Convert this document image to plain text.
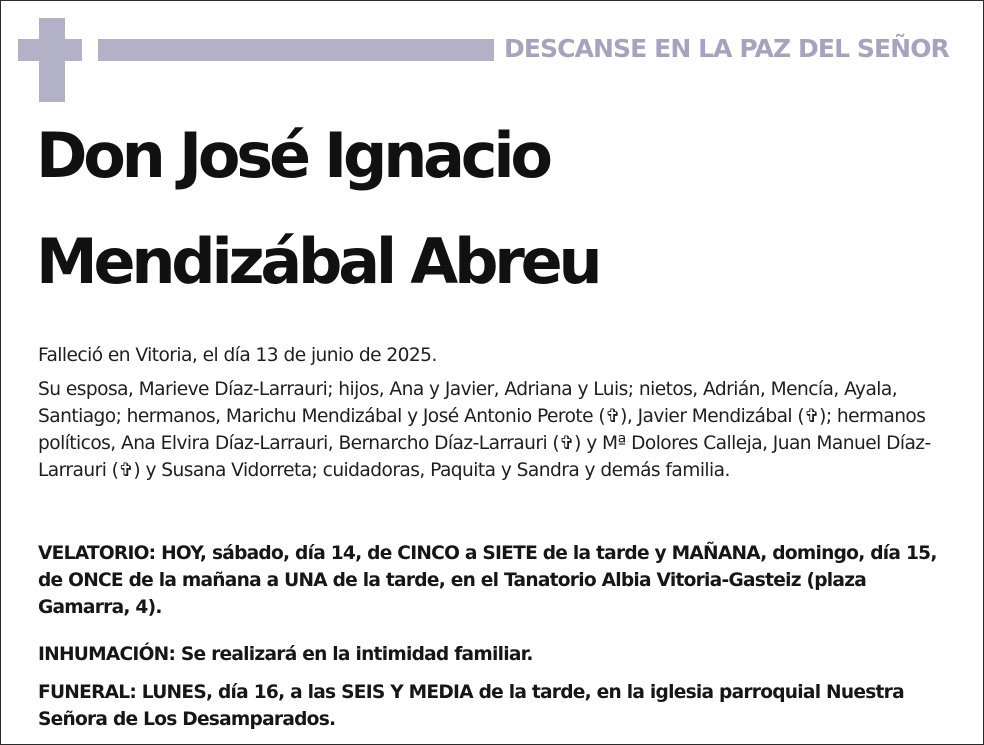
DESCANSE EN LA PAZ DEL SEÑOR
Don José Ignacio
Mendizábal Abreu

Falleció en Vitoria, el día 13 de junio de 2025.

Su esposa, Marieve Díaz-Larrauri; hijos, Ana y Javier, Adriana y Luis; nietos, Adrián, Mencía, Ayala, Santiago; hermanos, Marichu Mendizábal y José Antonio Perote (✞), Javier Mendizábal (✞); hermanos políticos, Ana Elvira Díaz-Larrauri, Bernarcho Díaz-Larrauri (✞) y Mª Dolores Calleja, Juan Manuel Díaz-Larrauri (✞) y Susana Vidorreta; cuidadoras, Paquita y Sandra y demás familia.

VELATORIO: HOY, sábado, día 14, de CINCO a SIETE de la tarde y MAÑANA, domingo, día 15, de ONCE de la mañana a UNA de la tarde, en el Tanatorio Albia Vitoria-Gasteiz (plaza Gamarra, 4).

INHUMACIÓN: Se realizará en la intimidad familiar.

FUNERAL: LUNES, día 16, a las SEIS Y MEDIA de la tarde, en la iglesia parroquial Nuestra Señora de Los Desamparados.
